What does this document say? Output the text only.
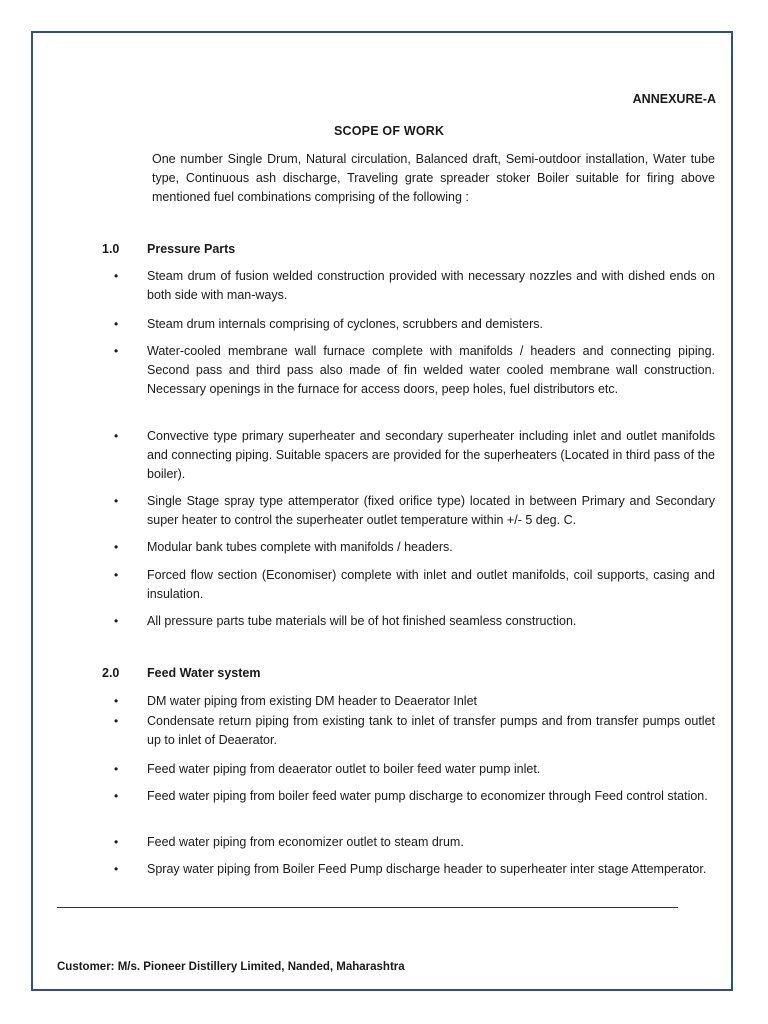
ANNEXURE-A
SCOPE OF WORK
One number Single Drum, Natural circulation, Balanced draft, Semi-outdoor installation, Water tube type, Continuous ash discharge, Traveling grate spreader stoker Boiler suitable for firing above mentioned fuel combinations comprising of the following :
1.0 Pressure Parts
• Steam drum of fusion welded construction provided with necessary nozzles and with dished ends on both side with man-ways.
• Steam drum internals comprising of cyclones, scrubbers and demisters.
• Water-cooled membrane wall furnace complete with manifolds / headers and connecting piping. Second pass and third pass also made of fin welded water cooled membrane wall construction. Necessary openings in the furnace for access doors, peep holes, fuel distributors etc.
• Convective type primary superheater and secondary superheater including inlet and outlet manifolds and connecting piping. Suitable spacers are provided for the superheaters (Located in third pass of the boiler).
• Single Stage spray type attemperator (fixed orifice type) located in between Primary and Secondary super heater to control the superheater outlet temperature within +/- 5 deg. C.
• Modular bank tubes complete with manifolds / headers.
• Forced flow section (Economiser) complete with inlet and outlet manifolds, coil supports, casing and insulation.
• All pressure parts tube materials will be of hot finished seamless construction.
2.0 Feed Water system
• DM water piping from existing DM header to Deaerator Inlet
• Condensate return piping from existing tank to inlet of transfer pumps and from transfer pumps outlet up to inlet of Deaerator.
• Feed water piping from deaerator outlet to boiler feed water pump inlet.
• Feed water piping from boiler feed water pump discharge to economizer through Feed control station.
• Feed water piping from economizer outlet to steam drum.
• Spray water piping from Boiler Feed Pump discharge header to superheater inter stage Attemperator.
Customer: M/s. Pioneer Distillery Limited, Nanded, Maharashtra
